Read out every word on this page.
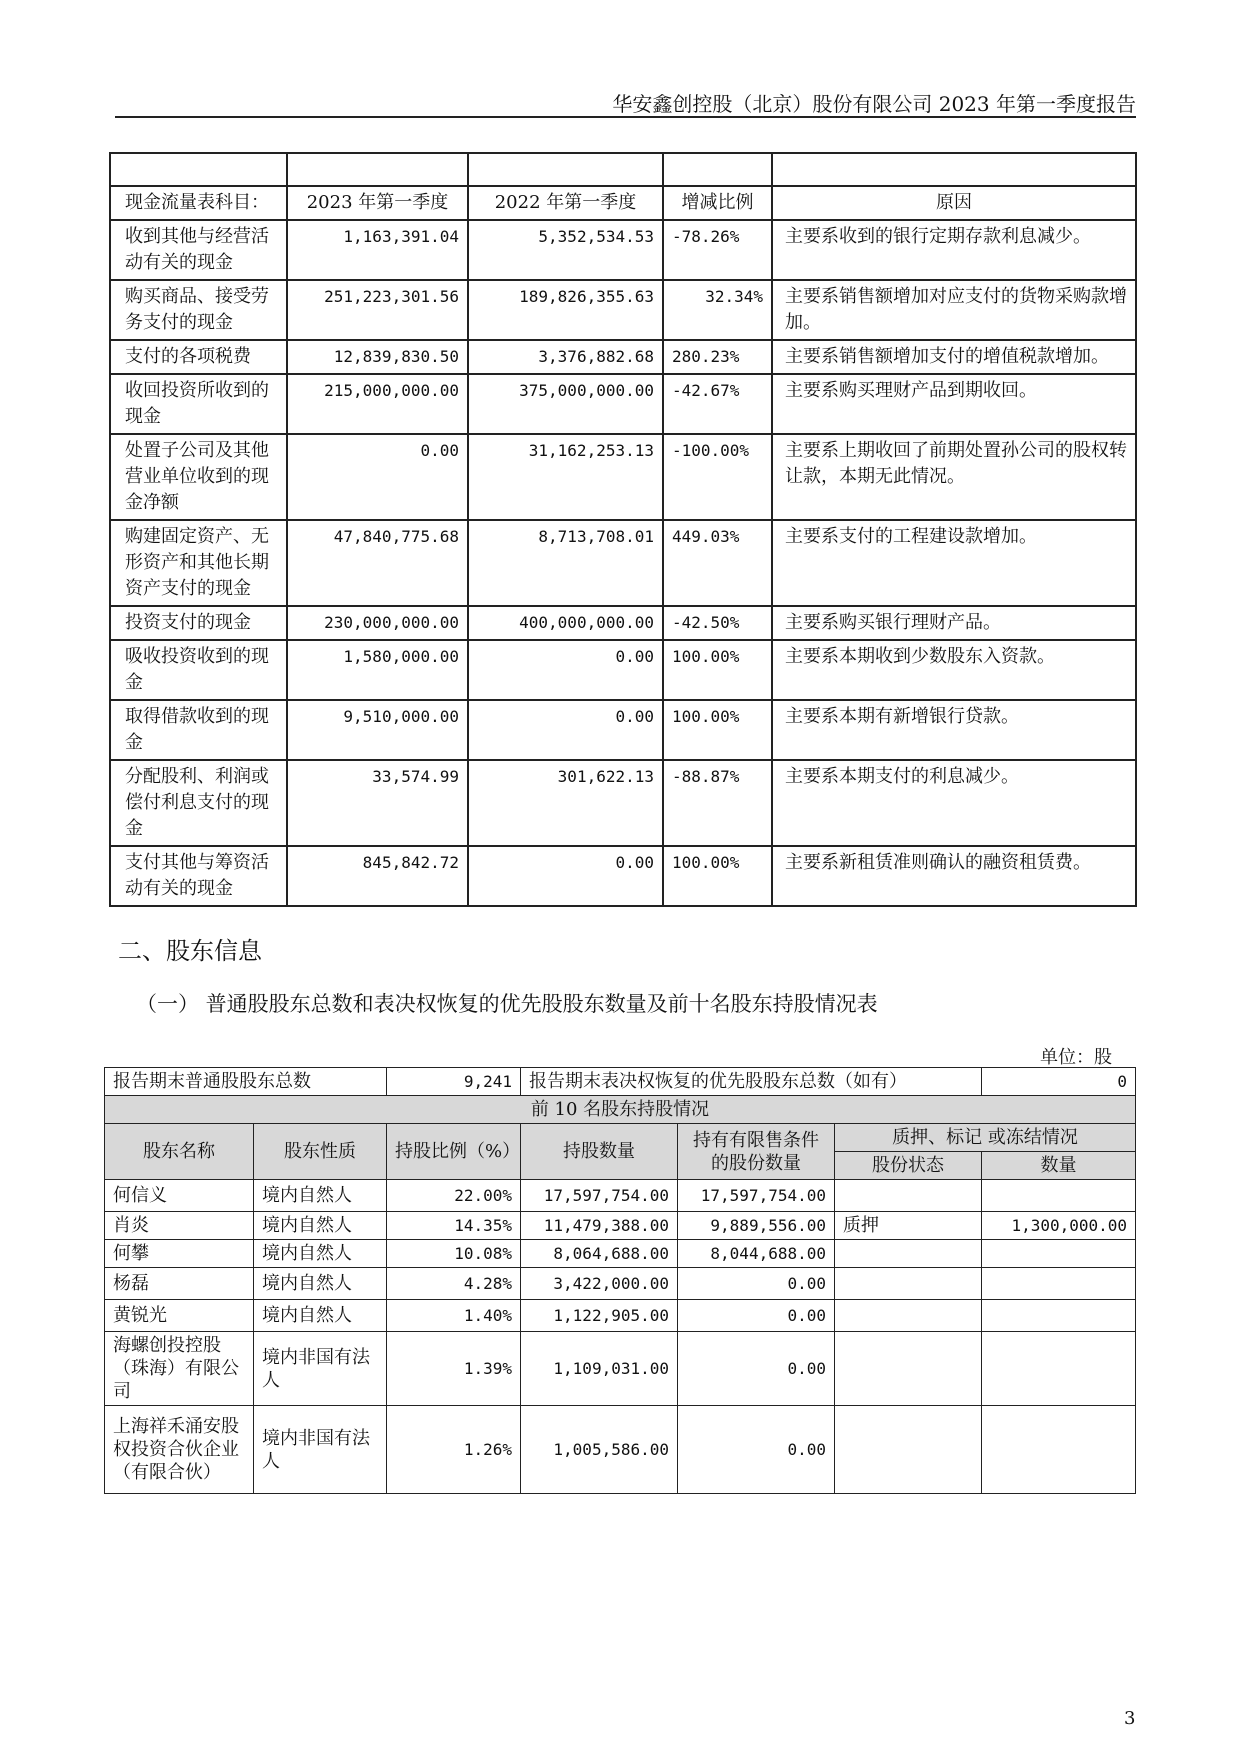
华安鑫创控股（北京）股份有限公司 2023 年第一季度报告

现金流量表科目：	2023 年第一季度	2022 年第一季度	增减比例	原因
收到其他与经营活动有关的现金	1,163,391.04	5,352,534.53	-78.26%	主要系收到的银行定期存款利息减少。
购买商品、接受劳务支付的现金	251,223,301.56	189,826,355.63	32.34%	主要系销售额增加对应支付的货物采购款增加。
支付的各项税费	12,839,830.50	3,376,882.68	280.23%	主要系销售额增加支付的增值税款增加。
收回投资所收到的现金	215,000,000.00	375,000,000.00	-42.67%	主要系购买理财产品到期收回。
处置子公司及其他营业单位收到的现金净额	0.00	31,162,253.13	-100.00%	主要系上期收回了前期处置孙公司的股权转让款，本期无此情况。
购建固定资产、无形资产和其他长期资产支付的现金	47,840,775.68	8,713,708.01	449.03%	主要系支付的工程建设款增加。
投资支付的现金	230,000,000.00	400,000,000.00	-42.50%	主要系购买银行理财产品。
吸收投资收到的现金	1,580,000.00	0.00	100.00%	主要系本期收到少数股东入资款。
取得借款收到的现金	9,510,000.00	0.00	100.00%	主要系本期有新增银行贷款。
分配股利、利润或偿付利息支付的现金	33,574.99	301,622.13	-88.87%	主要系本期支付的利息减少。
支付其他与筹资活动有关的现金	845,842.72	0.00	100.00%	主要系新租赁准则确认的融资租赁费。
二、股东信息
（一） 普通股股东总数和表决权恢复的优先股股东数量及前十名股东持股情况表
单位：股
报告期末普通股股东总数		9,241	报告期末表决权恢复的优先股股东总数（如有）			0
前 10 名股东持股情况						
股东名称	股东性质	持股比例（%）	持股数量	持有有限售条件的股份数量	质押、标记 或冻结情况	
					股份状态	数量
何信义	境内自然人	22.00%	17,597,754.00	17,597,754.00		
肖炎	境内自然人	14.35%	11,479,388.00	9,889,556.00	质押	1,300,000.00
何攀	境内自然人	10.08%	8,064,688.00	8,044,688.00		
杨磊	境内自然人	4.28%	3,422,000.00	0.00		
黄锐光	境内自然人	1.40%	1,122,905.00	0.00		
海螺创投控股（珠海）有限公司	境内非国有法人	1.39%	1,109,031.00	0.00		
上海祥禾涌安股权投资合伙企业（有限合伙）	境内非国有法人	1.26%	1,005,586.00	0.00		
3
